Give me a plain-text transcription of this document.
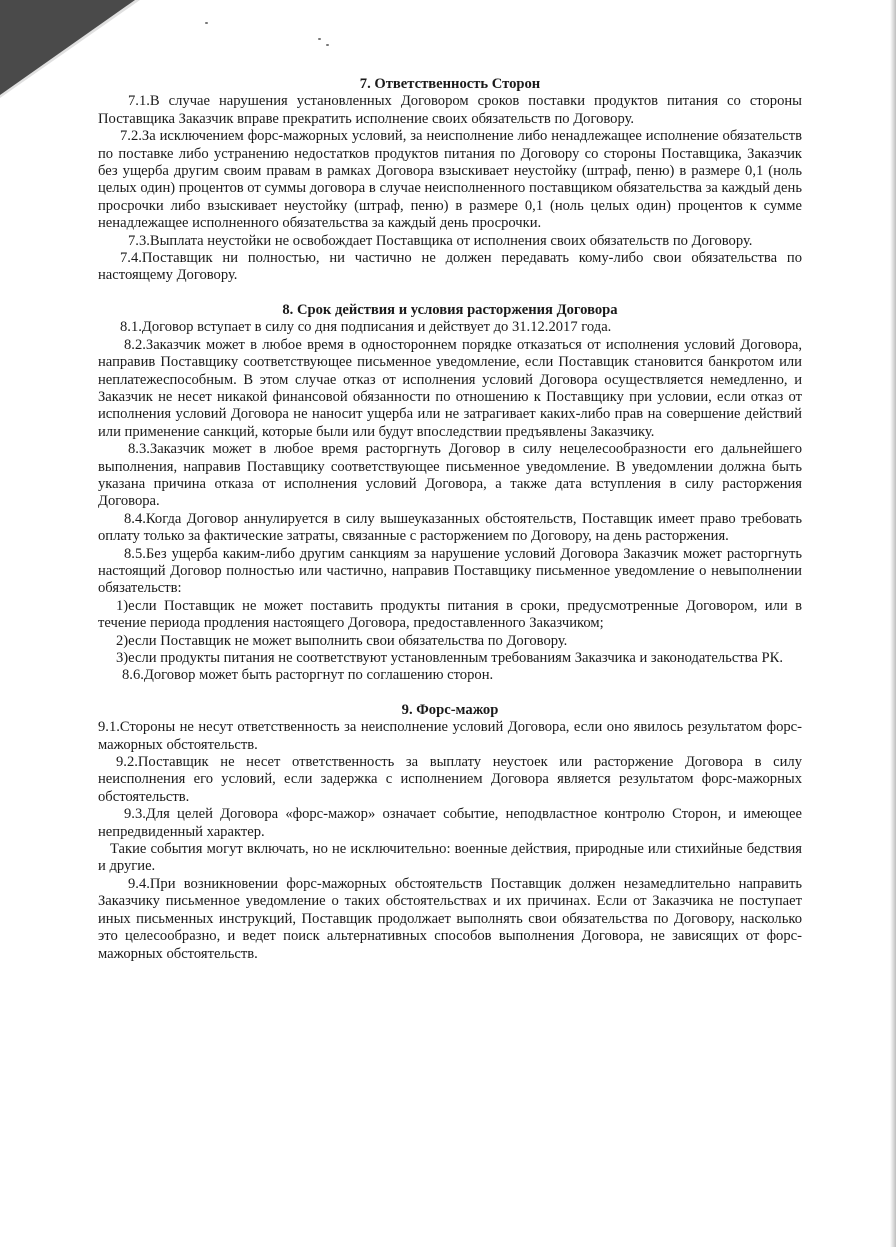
7. Ответственность Сторон

7.1.В случае нарушения установленных Договором сроков поставки продуктов питания со стороны Поставщика Заказчик вправе прекратить исполнение своих обязательств по Договору.

7.2.За исключением форс-мажорных условий, за неисполнение либо ненадлежащее исполнение обязательств по поставке либо устранению недостатков продуктов питания по Договору со стороны Поставщика, Заказчик без ущерба другим своим правам в рамках Договора взыскивает неустойку (штраф, пеню) в размере 0,1 (ноль целых один) процентов от суммы договора в случае неисполненного поставщиком обязательства за каждый день просрочки либо взыскивает неустойку (штраф, пеню) в размере 0,1 (ноль целых один) процентов к сумме ненадлежащее исполненного обязательства за каждый день просрочки.

7.3.Выплата неустойки не освобождает Поставщика от исполнения своих обязательств по Договору.

7.4.Поставщик ни полностью, ни частично не должен передавать кому-либо свои обязательства по настоящему Договору.

8. Срок действия и условия расторжения Договора

8.1.Договор вступает в силу со дня подписания и действует до 31.12.2017 года.

8.2.Заказчик может в любое время в одностороннем порядке отказаться от исполнения условий Договора, направив Поставщику соответствующее письменное уведомление, если Поставщик становится банкротом или неплатежеспособным. В этом случае отказ от исполнения условий Договора осуществляется немедленно, и Заказчик не несет никакой финансовой обязанности по отношению к Поставщику при условии, если отказ от исполнения условий Договора не наносит ущерба или не затрагивает каких-либо прав на совершение действий или применение санкций, которые были или будут впоследствии предъявлены Заказчику.

8.3.Заказчик может в любое время расторгнуть Договор в силу нецелесообразности его дальнейшего выполнения, направив Поставщику соответствующее письменное уведомление. В уведомлении должна быть указана причина отказа от исполнения условий Договора, а также дата вступления в силу расторжения Договора.

8.4.Когда Договор аннулируется в силу вышеуказанных обстоятельств, Поставщик имеет право требовать оплату только за фактические затраты, связанные с расторжением по Договору, на день расторжения.

8.5.Без ущерба каким-либо другим санкциям за нарушение условий Договора Заказчик может расторгнуть настоящий Договор полностью или частично, направив Поставщику письменное уведомление о невыполнении обязательств:

1)если Поставщик не может поставить продукты питания в сроки, предусмотренные Договором, или в течение периода продления настоящего Договора, предоставленного Заказчиком;

2)если Поставщик не может выполнить свои обязательства по Договору.

3)если продукты питания не соответствуют установленным требованиям Заказчика и законодательства РК.

8.6.Договор может быть расторгнут по соглашению сторон.

9. Форс-мажор

9.1.Стороны не несут ответственность за неисполнение условий Договора, если оно явилось результатом форс-мажорных обстоятельств.

9.2.Поставщик не несет ответственность за выплату неустоек или расторжение Договора в силу неисполнения его условий, если задержка с исполнением Договора является результатом форс-мажорных обстоятельств.

9.3.Для целей Договора «форс-мажор» означает событие, неподвластное контролю Сторон, и имеющее непредвиденный характер.

Такие события могут включать, но не исключительно: военные действия, природные или стихийные бедствия и другие.

9.4.При возникновении форс-мажорных обстоятельств Поставщик должен незамедлительно направить Заказчику письменное уведомление о таких обстоятельствах и их причинах. Если от Заказчика не поступает иных письменных инструкций, Поставщик продолжает выполнять свои обязательства по Договору, насколько это целесообразно, и ведет поиск альтернативных способов выполнения Договора, не зависящих от форс-мажорных обстоятельств.
